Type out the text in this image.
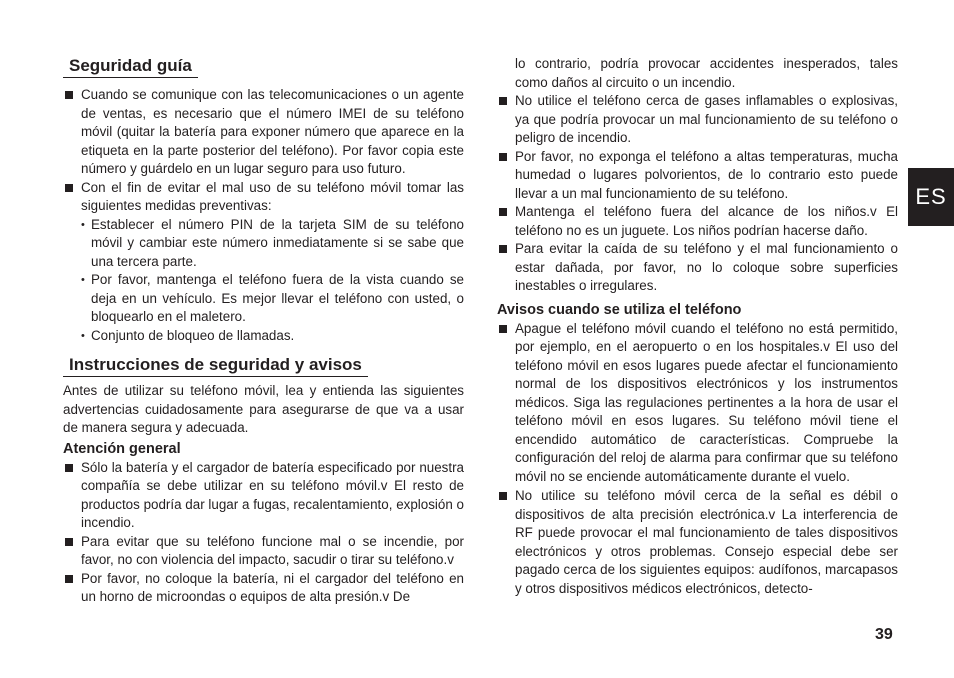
Seguridad guía
Cuando se comunique con las telecomunicaciones o un agente de ventas, es necesario que el número IMEI de su teléfono móvil (quitar la batería para exponer número que aparece en la etiqueta en la parte posterior del teléfono). Por favor copia este número y guárdelo en un lugar seguro para uso futuro.
Con el fin de evitar el mal uso de su teléfono móvil tomar las siguientes medidas preventivas:
• Establecer el número PIN de la tarjeta SIM de su teléfono móvil y cambiar este número inmediatamente si se sabe que una tercera parte.
• Por favor, mantenga el teléfono fuera de la vista cuando se deja en un vehículo. Es mejor llevar el teléfono con usted, o bloquearlo en el maletero.
• Conjunto de bloqueo de llamadas.
Instrucciones de seguridad y avisos

Antes de utilizar su teléfono móvil, lea y entienda las siguientes advertencias cuidadosamente para asegurarse de que va a usar de manera segura y adecuada.

Atención general
Sólo la batería y el cargador de batería especificado por nuestra compañía se debe utilizar en su teléfono móvil.v El resto de productos podría dar lugar a fugas, recalentamiento, explosión o incendio.
Para evitar que su teléfono funcione mal o se incendie, por favor, no con violencia del impacto, sacudir o tirar su teléfono.v
Por favor, no coloque la batería, ni el cargador del teléfono en un horno de microondas o equipos de alta presión.v De

lo contrario, podría provocar accidentes inesperados, tales como daños al circuito o un incendio.

No utilice el teléfono cerca de gases inflamables o explosivas, ya que podría provocar un mal funcionamiento de su teléfono o peligro de incendio.
Por favor, no exponga el teléfono a altas temperaturas, mucha humedad o lugares polvorientos, de lo contrario esto puede llevar a un mal funcionamiento de su teléfono.
Mantenga el teléfono fuera del alcance de los niños.v El teléfono no es un juguete. Los niños podrían hacerse daño.
Para evitar la caída de su teléfono y el mal funcionamiento o estar dañada, por favor, no lo coloque sobre superficies inestables o irregulares.
Avisos cuando se utiliza el teléfono
Apague el teléfono móvil cuando el teléfono no está permitido, por ejemplo, en el aeropuerto o en los hospitales.v El uso del teléfono móvil en esos lugares puede afectar el funcionamiento normal de los dispositivos electrónicos y los instrumentos médicos. Siga las regulaciones pertinentes a la hora de usar el teléfono móvil en esos lugares. Su teléfono móvil tiene el encendido automático de características. Compruebe la configuración del reloj de alarma para confirmar que su teléfono móvil no se enciende automáticamente durante el vuelo.
No utilice su teléfono móvil cerca de la señal es débil o dispositivos de alta precisión electrónica.v La interferencia de RF puede provocar el mal funcionamiento de tales dispositivos electrónicos y otros problemas. Consejo especial debe ser pagado cerca de los siguientes equipos: audífonos, marcapasos y otros dispositivos médicos electrónicos, detecto-
ES
39
